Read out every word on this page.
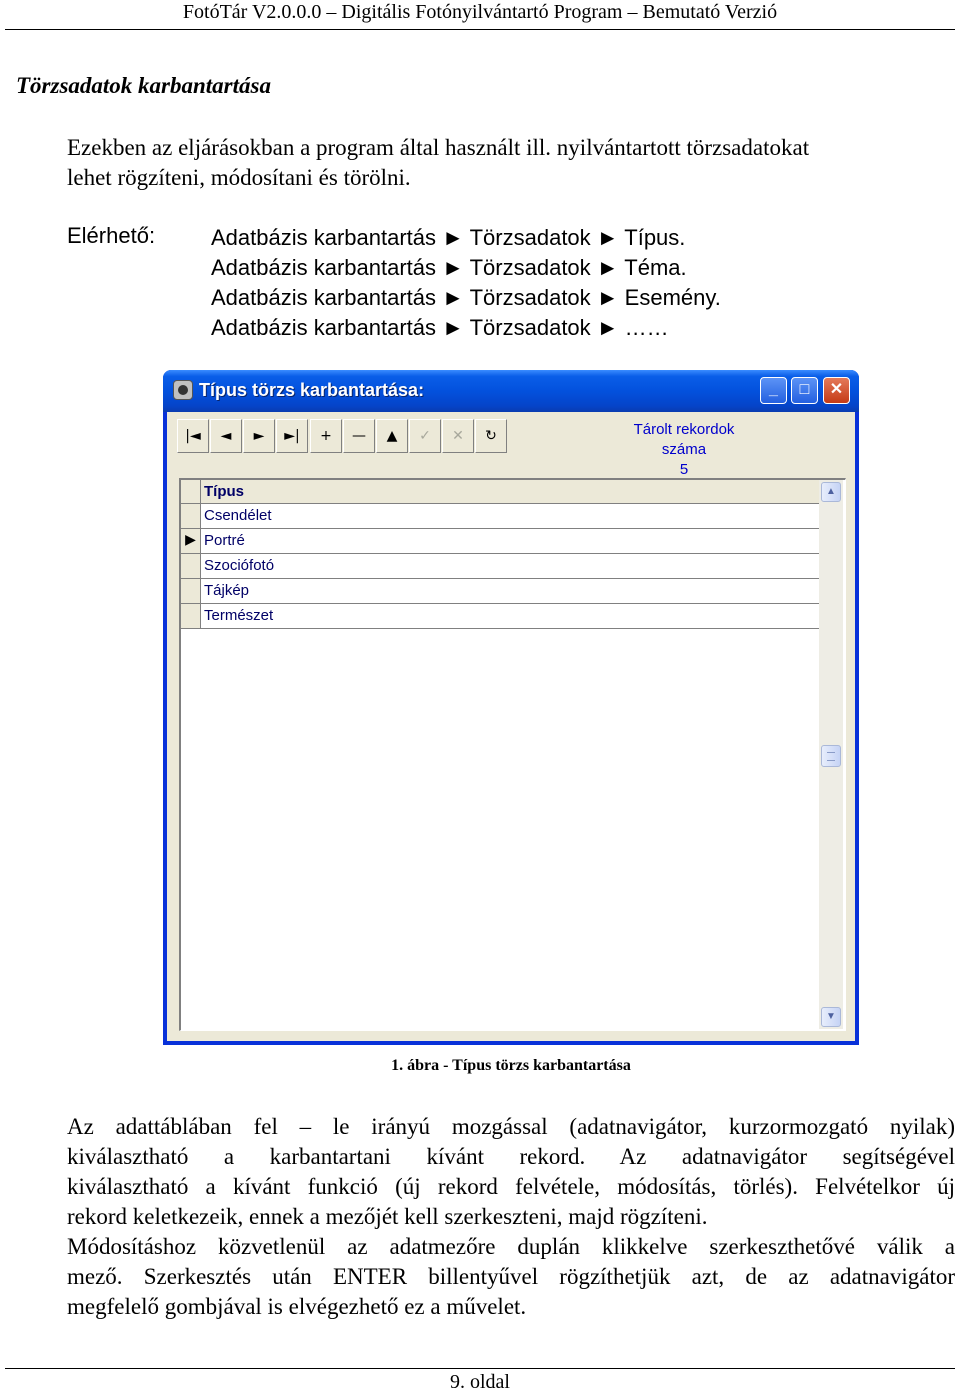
FotóTár V2.0.0.0 – Digitális Fotónyilvántartó Program – Bemutató Verzió
Törzsadatok karbantartása
Ezekben az eljárásokban a program által használt ill. nyilvántartott törzsadatokat
lehet rögzíteni, módosítani és törölni.
Elérhető:	Adatbázis karbantartás ► Törzsadatok ► Típus.
Adatbázis karbantartás ► Törzsadatok ► Téma.
Adatbázis karbantartás ► Törzsadatok ► Esemény.
Adatbázis karbantartás ► Törzsadatok ► ……
Típus törzs karbantartása:	_	□	✕
|◄	◄	►	►|	+	—	▲	✓	✕	↻	Tárolt rekordok száma
5
Típus
Csendélet
▶ Portré
Szociófotó
Tájkép
Természet
▲
▼
1. ábra - Típus törzs karbantartása
Az adattáblában fel – le irányú mozgással (adatnavigátor, kurzormozgató nyilak)
kiválasztható a karbantartani kívánt rekord. Az adatnavigátor segítségével
kiválasztható a kívánt funkció (új rekord felvétele, módosítás, törlés). Felvételkor új
rekord keletkezeik, ennek a mezőjét kell szerkeszteni, majd rögzíteni.
Módosításhoz közvetlenül az adatmezőre duplán klikkelve szerkeszthetővé válik a
mező. Szerkesztés után ENTER billentyűvel rögzíthetjük azt, de az adatnavigátor
megfelelő gombjával is elvégezhető ez a művelet.
9. oldal
